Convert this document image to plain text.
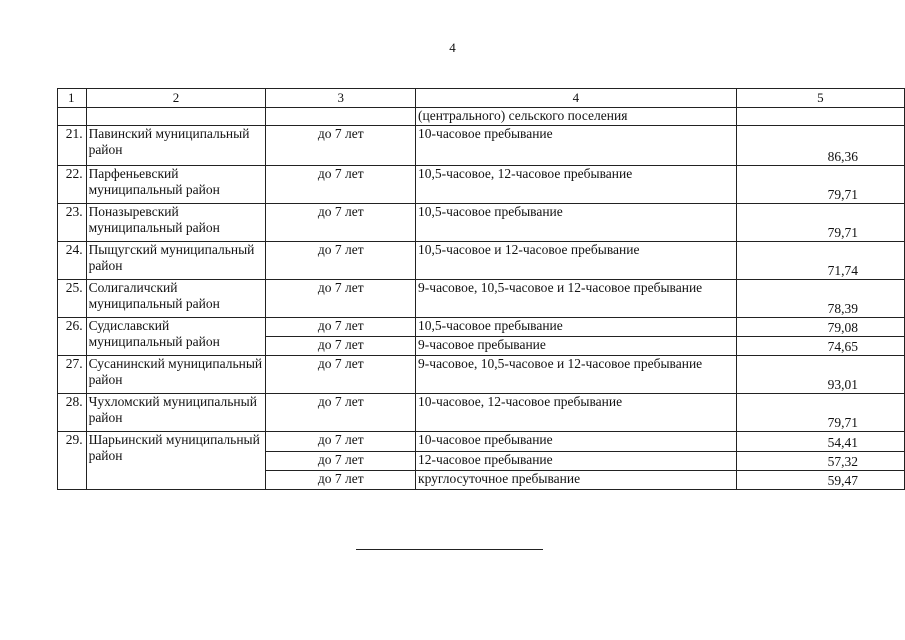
4
1	2	3	4	5
			(центрального) сельского поселения	
21.	Павинский муниципальный район	до 7 лет	10-часовое пребывание	86,36
22.	Парфеньевский муниципальный район	до 7 лет	10,5-часовое, 12-часовое пребывание	79,71
23.	Поназыревский муниципальный район	до 7 лет	10,5-часовое пребывание	79,71
24.	Пыщугский муниципальный район	до 7 лет	10,5-часовое и 12-часовое пребывание	71,74
25.	Солигаличский муниципальный район	до 7 лет	9-часовое, 10,5-часовое и 12-часовое пребывание	78,39
26.	Судиславский муниципальный район	до 7 лет	10,5-часовое пребывание	79,08
		до 7 лет	9-часовое пребывание	74,65
27.	Сусанинский муниципальный район	до 7 лет	9-часовое, 10,5-часовое и 12-часовое пребывание	93,01
28.	Чухломский муниципальный район	до 7 лет	10-часовое, 12-часовое пребывание	79,71
29.	Шарьинский муниципальный район	до 7 лет	10-часовое пребывание	54,41
		до 7 лет	12-часовое пребывание	57,32
		до 7 лет	круглосуточное пребывание	59,47
